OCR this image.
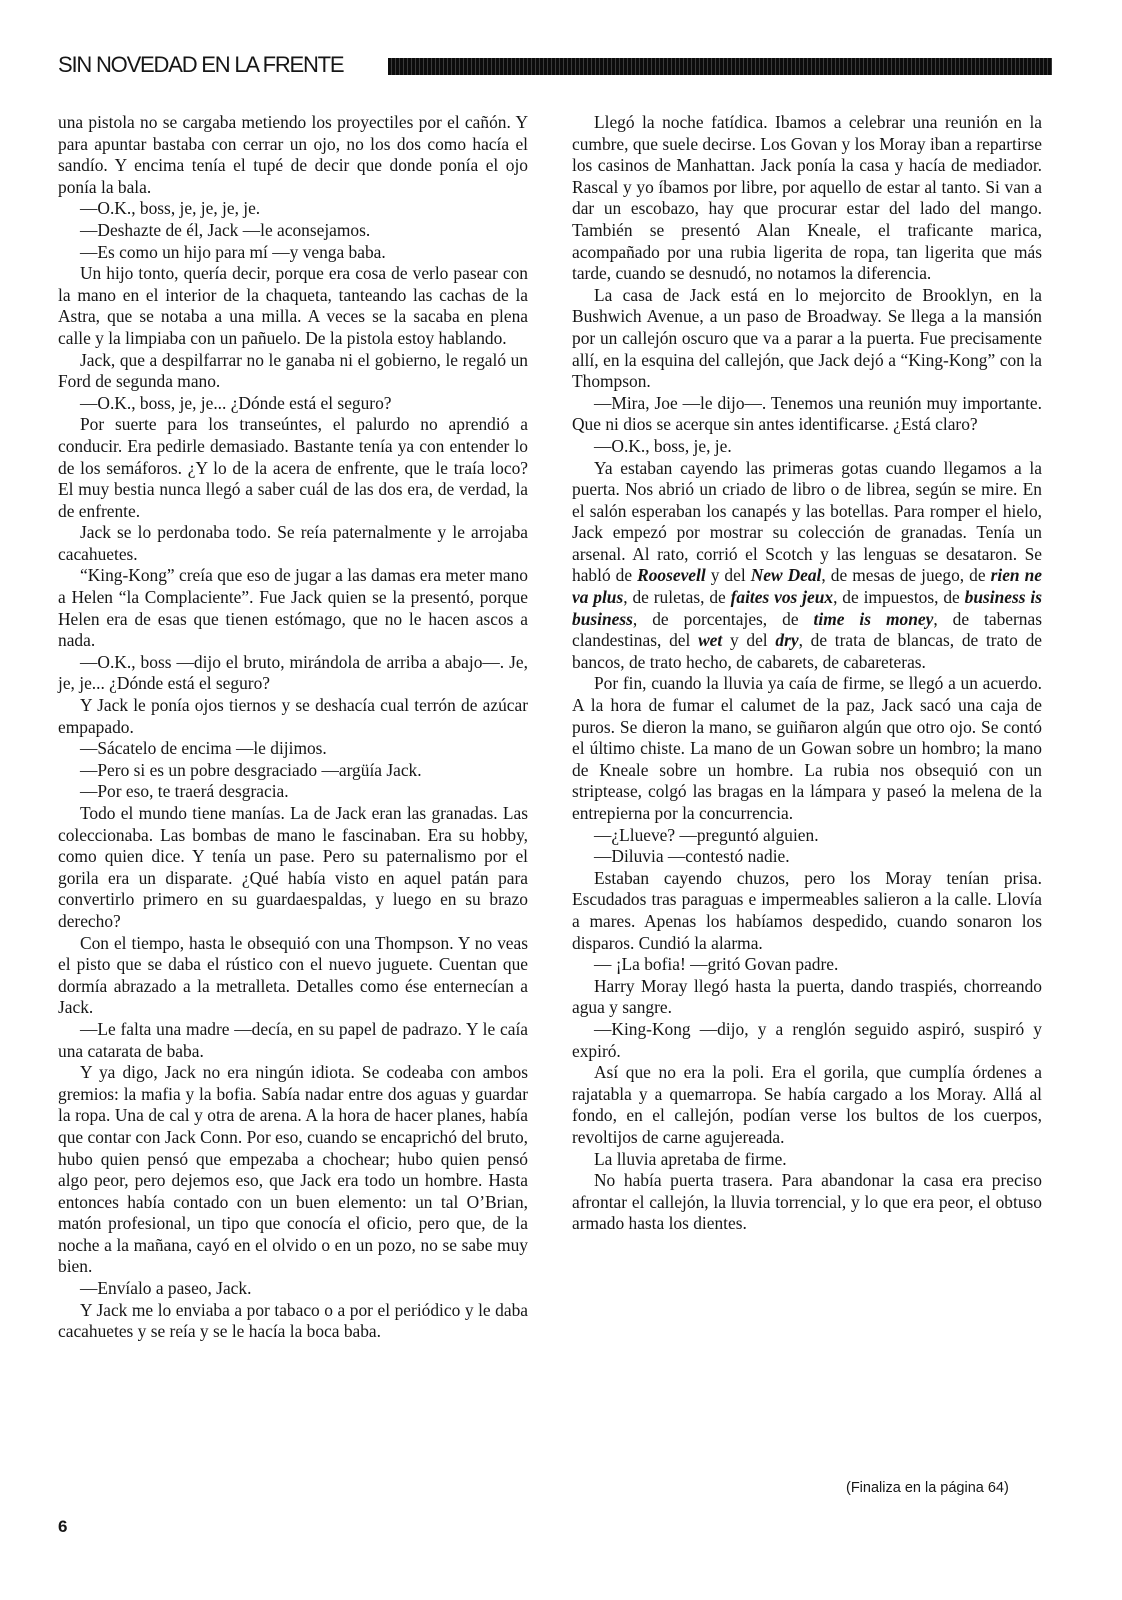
SIN NOVEDAD EN LA FRENTE

una pistola no se cargaba metiendo los proyectiles por el cañón. Y para apuntar bastaba con cerrar un ojo, no los dos como hacía el sandío. Y encima tenía el tupé de decir que donde ponía el ojo ponía la bala.

—O.K., boss, je, je, je, je.

—Deshazte de él, Jack —le aconsejamos.

—Es como un hijo para mí —y venga baba.

Un hijo tonto, quería decir, porque era cosa de verlo pasear con la mano en el interior de la chaqueta, tanteando las cachas de la Astra, que se notaba a una milla. A veces se la sacaba en plena calle y la limpiaba con un pañuelo. De la pistola estoy hablando.

Jack, que a despilfarrar no le ganaba ni el gobierno, le regaló un Ford de segunda mano.

—O.K., boss, je, je... ¿Dónde está el seguro?

Por suerte para los transeúntes, el palurdo no aprendió a conducir. Era pedirle demasiado. Bastante tenía ya con entender lo de los semáforos. ¿Y lo de la acera de enfrente, que le traía loco? El muy bestia nunca llegó a saber cuál de las dos era, de verdad, la de enfrente.

Jack se lo perdonaba todo. Se reía paternalmente y le arrojaba cacahuetes.

“King-Kong” creía que eso de jugar a las damas era meter mano a Helen “la Complaciente”. Fue Jack quien se la presentó, porque Helen era de esas que tienen estómago, que no le hacen ascos a nada.

—O.K., boss —dijo el bruto, mirándola de arriba a abajo—. Je, je, je... ¿Dónde está el seguro?

Y Jack le ponía ojos tiernos y se deshacía cual terrón de azúcar empapado.

—Sácatelo de encima —le dijimos.

—Pero si es un pobre desgraciado —argüía Jack.

—Por eso, te traerá desgracia.

Todo el mundo tiene manías. La de Jack eran las granadas. Las coleccionaba. Las bombas de mano le fascinaban. Era su hobby, como quien dice. Y tenía un pase. Pero su paternalismo por el gorila era un disparate. ¿Qué había visto en aquel patán para convertirlo primero en su guardaespaldas, y luego en su brazo derecho?

Con el tiempo, hasta le obsequió con una Thompson. Y no veas el pisto que se daba el rústico con el nuevo juguete. Cuentan que dormía abrazado a la metralleta. Detalles como ése enternecían a Jack.

—Le falta una madre —decía, en su papel de padrazo. Y le caía una catarata de baba.

Y ya digo, Jack no era ningún idiota. Se codeaba con ambos gremios: la mafia y la bofia. Sabía nadar entre dos aguas y guardar la ropa. Una de cal y otra de arena. A la hora de hacer planes, había que contar con Jack Conn. Por eso, cuando se encaprichó del bruto, hubo quien pensó que empezaba a chochear; hubo quien pensó algo peor, pero dejemos eso, que Jack era todo un hombre. Hasta entonces había contado con un buen elemento: un tal O’Brian, matón profesional, un tipo que conocía el oficio, pero que, de la noche a la mañana, cayó en el olvido o en un pozo, no se sabe muy bien.

—Envíalo a paseo, Jack.

Y Jack me lo enviaba a por tabaco o a por el periódico y le daba cacahuetes y se reía y se le hacía la boca baba.

Llegó la noche fatídica. Ibamos a celebrar una reunión en la cumbre, que suele decirse. Los Govan y los Moray iban a repartirse los casinos de Manhattan. Jack ponía la casa y hacía de mediador. Rascal y yo íbamos por libre, por aquello de estar al tanto. Si van a dar un escobazo, hay que procurar estar del lado del mango. También se presentó Alan Kneale, el traficante marica, acompañado por una rubia ligerita de ropa, tan ligerita que más tarde, cuando se desnudó, no notamos la diferencia.

La casa de Jack está en lo mejorcito de Brooklyn, en la Bushwich Avenue, a un paso de Broadway. Se llega a la mansión por un callejón oscuro que va a parar a la puerta. Fue precisamente allí, en la esquina del callejón, que Jack dejó a “King-Kong” con la Thompson.

—Mira, Joe —le dijo—. Tenemos una reunión muy importante. Que ni dios se acerque sin antes identificarse. ¿Está claro?

—O.K., boss, je, je.

Ya estaban cayendo las primeras gotas cuando llegamos a la puerta. Nos abrió un criado de libro o de librea, según se mire. En el salón esperaban los canapés y las botellas. Para romper el hielo, Jack empezó por mostrar su colección de granadas. Tenía un arsenal. Al rato, corrió el Scotch y las lenguas se desataron. Se habló de Roosevell y del New Deal, de mesas de juego, de rien ne va plus, de ruletas, de faites vos jeux, de impuestos, de business is business, de porcentajes, de time is money, de tabernas clandestinas, del wet y del dry, de trata de blancas, de trato de bancos, de trato hecho, de cabarets, de cabareteras.

Por fin, cuando la lluvia ya caía de firme, se llegó a un acuerdo. A la hora de fumar el calumet de la paz, Jack sacó una caja de puros. Se dieron la mano, se guiñaron algún que otro ojo. Se contó el último chiste. La mano de un Gowan sobre un hombro; la mano de Kneale sobre un hombre. La rubia nos obsequió con un striptease, colgó las bragas en la lámpara y paseó la melena de la entrepierna por la concurrencia.

—¿Llueve? —preguntó alguien.

—Diluvia —contestó nadie.

Estaban cayendo chuzos, pero los Moray tenían prisa. Escudados tras paraguas e impermeables salieron a la calle. Llovía a mares. Apenas los habíamos despedido, cuando sonaron los disparos. Cundió la alarma.

— ¡La bofia! —gritó Govan padre.

Harry Moray llegó hasta la puerta, dando traspiés, chorreando agua y sangre.

—King-Kong —dijo, y a renglón seguido aspiró, suspiró y expiró.

Así que no era la poli. Era el gorila, que cumplía órdenes a rajatabla y a quemarropa. Se había cargado a los Moray. Allá al fondo, en el callejón, podían verse los bultos de los cuerpos, revoltijos de carne agujereada.

La lluvia apretaba de firme.

No había puerta trasera. Para abandonar la casa era preciso afrontar el callejón, la lluvia torrencial, y lo que era peor, el obtuso armado hasta los dientes.

(Finaliza en la página 64)
6
